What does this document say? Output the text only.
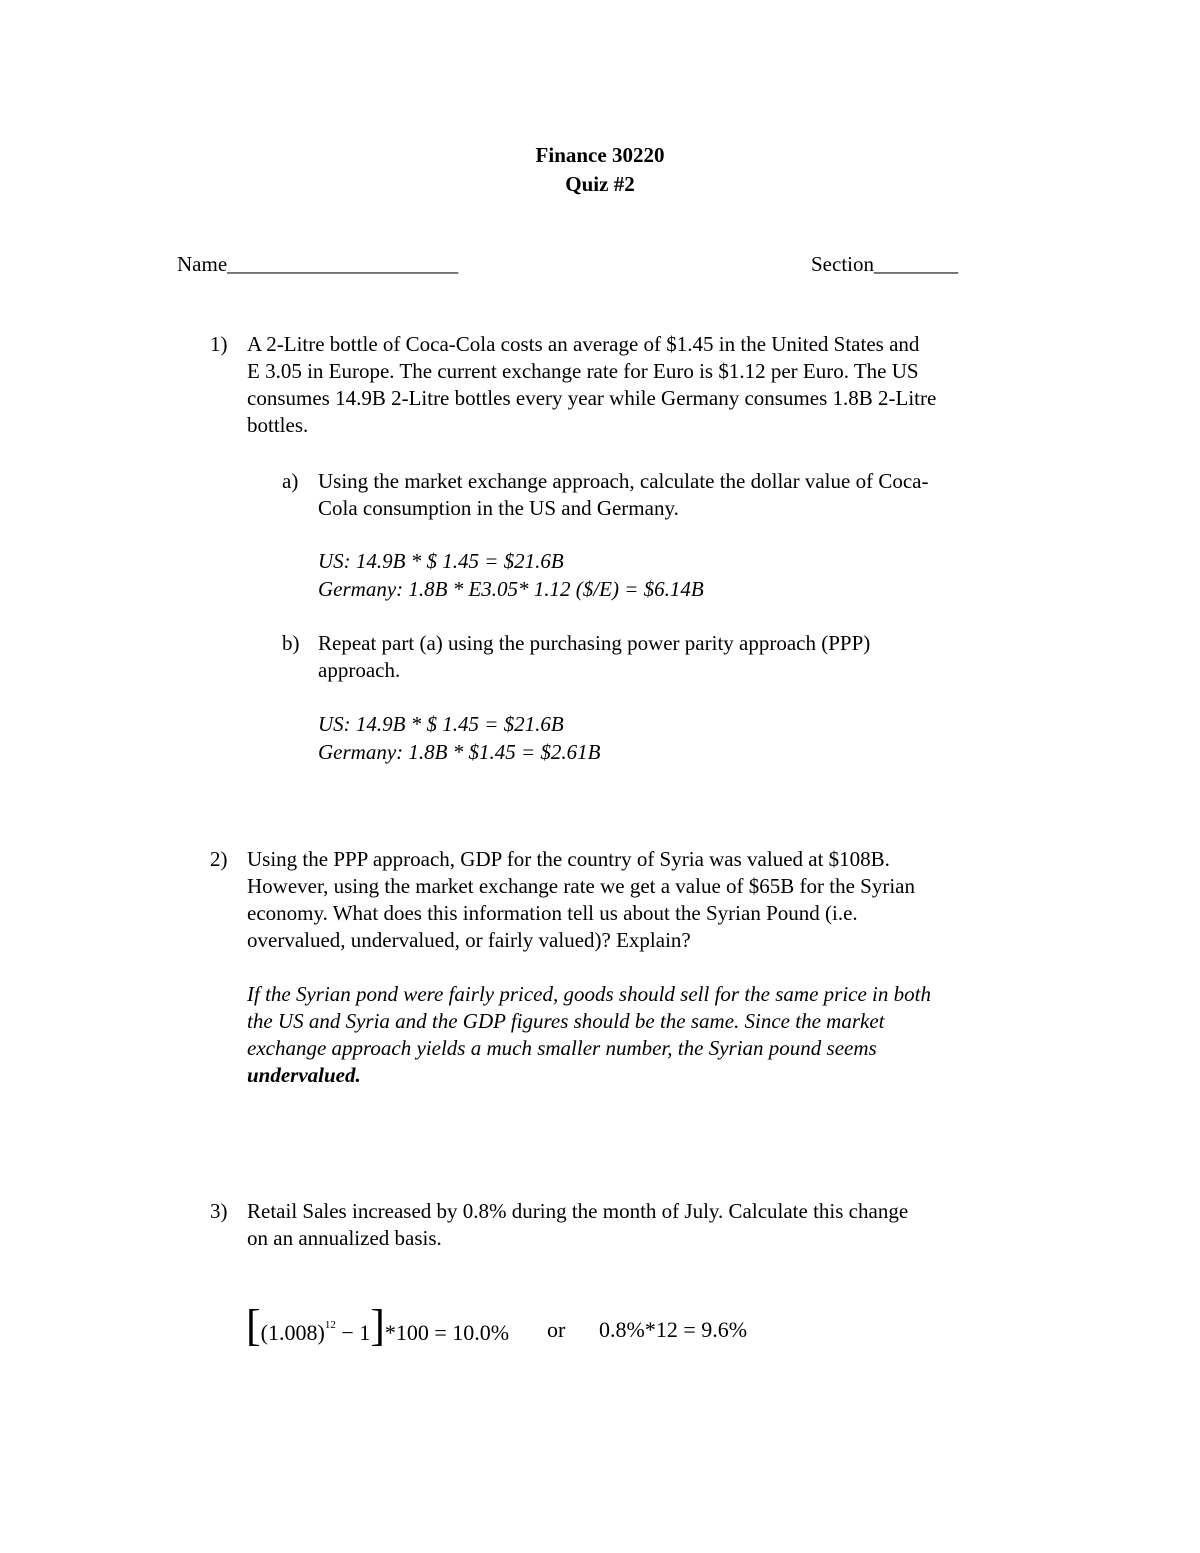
Finance 30220
Quiz #2
Name______________________	Section________
1) A 2-Litre bottle of Coca-Cola costs an average of $1.45 in the United States and
E 3.05 in Europe. The current exchange rate for Euro is $1.12 per Euro. The US
consumes 14.9B 2-Litre bottles every year while Germany consumes 1.8B 2-Litre
bottles.
a) Using the market exchange approach, calculate the dollar value of Coca-
Cola consumption in the US and Germany.
US: 14.9B * $ 1.45 = $21.6B
Germany: 1.8B * E3.05* 1.12 ($/E) = $6.14B
b) Repeat part (a) using the purchasing power parity approach (PPP)
approach.
US: 14.9B * $ 1.45 = $21.6B
Germany: 1.8B * $1.45 = $2.61B
2) Using the PPP approach, GDP for the country of Syria was valued at $108B.
However, using the market exchange rate we get a value of $65B for the Syrian
economy. What does this information tell us about the Syrian Pound (i.e.
overvalued, undervalued, or fairly valued)? Explain?
If the Syrian pond were fairly priced, goods should sell for the same price in both
the US and Syria and the GDP figures should be the same. Since the market
exchange approach yields a much smaller number, the Syrian pound seems
undervalued.
3) Retail Sales increased by 0.8% during the month of July. Calculate this change
on an annualized basis.
$[(1.008)^{12} - 1]*100 = 10.0\%$ or 0.8%*12 = 9.6%
